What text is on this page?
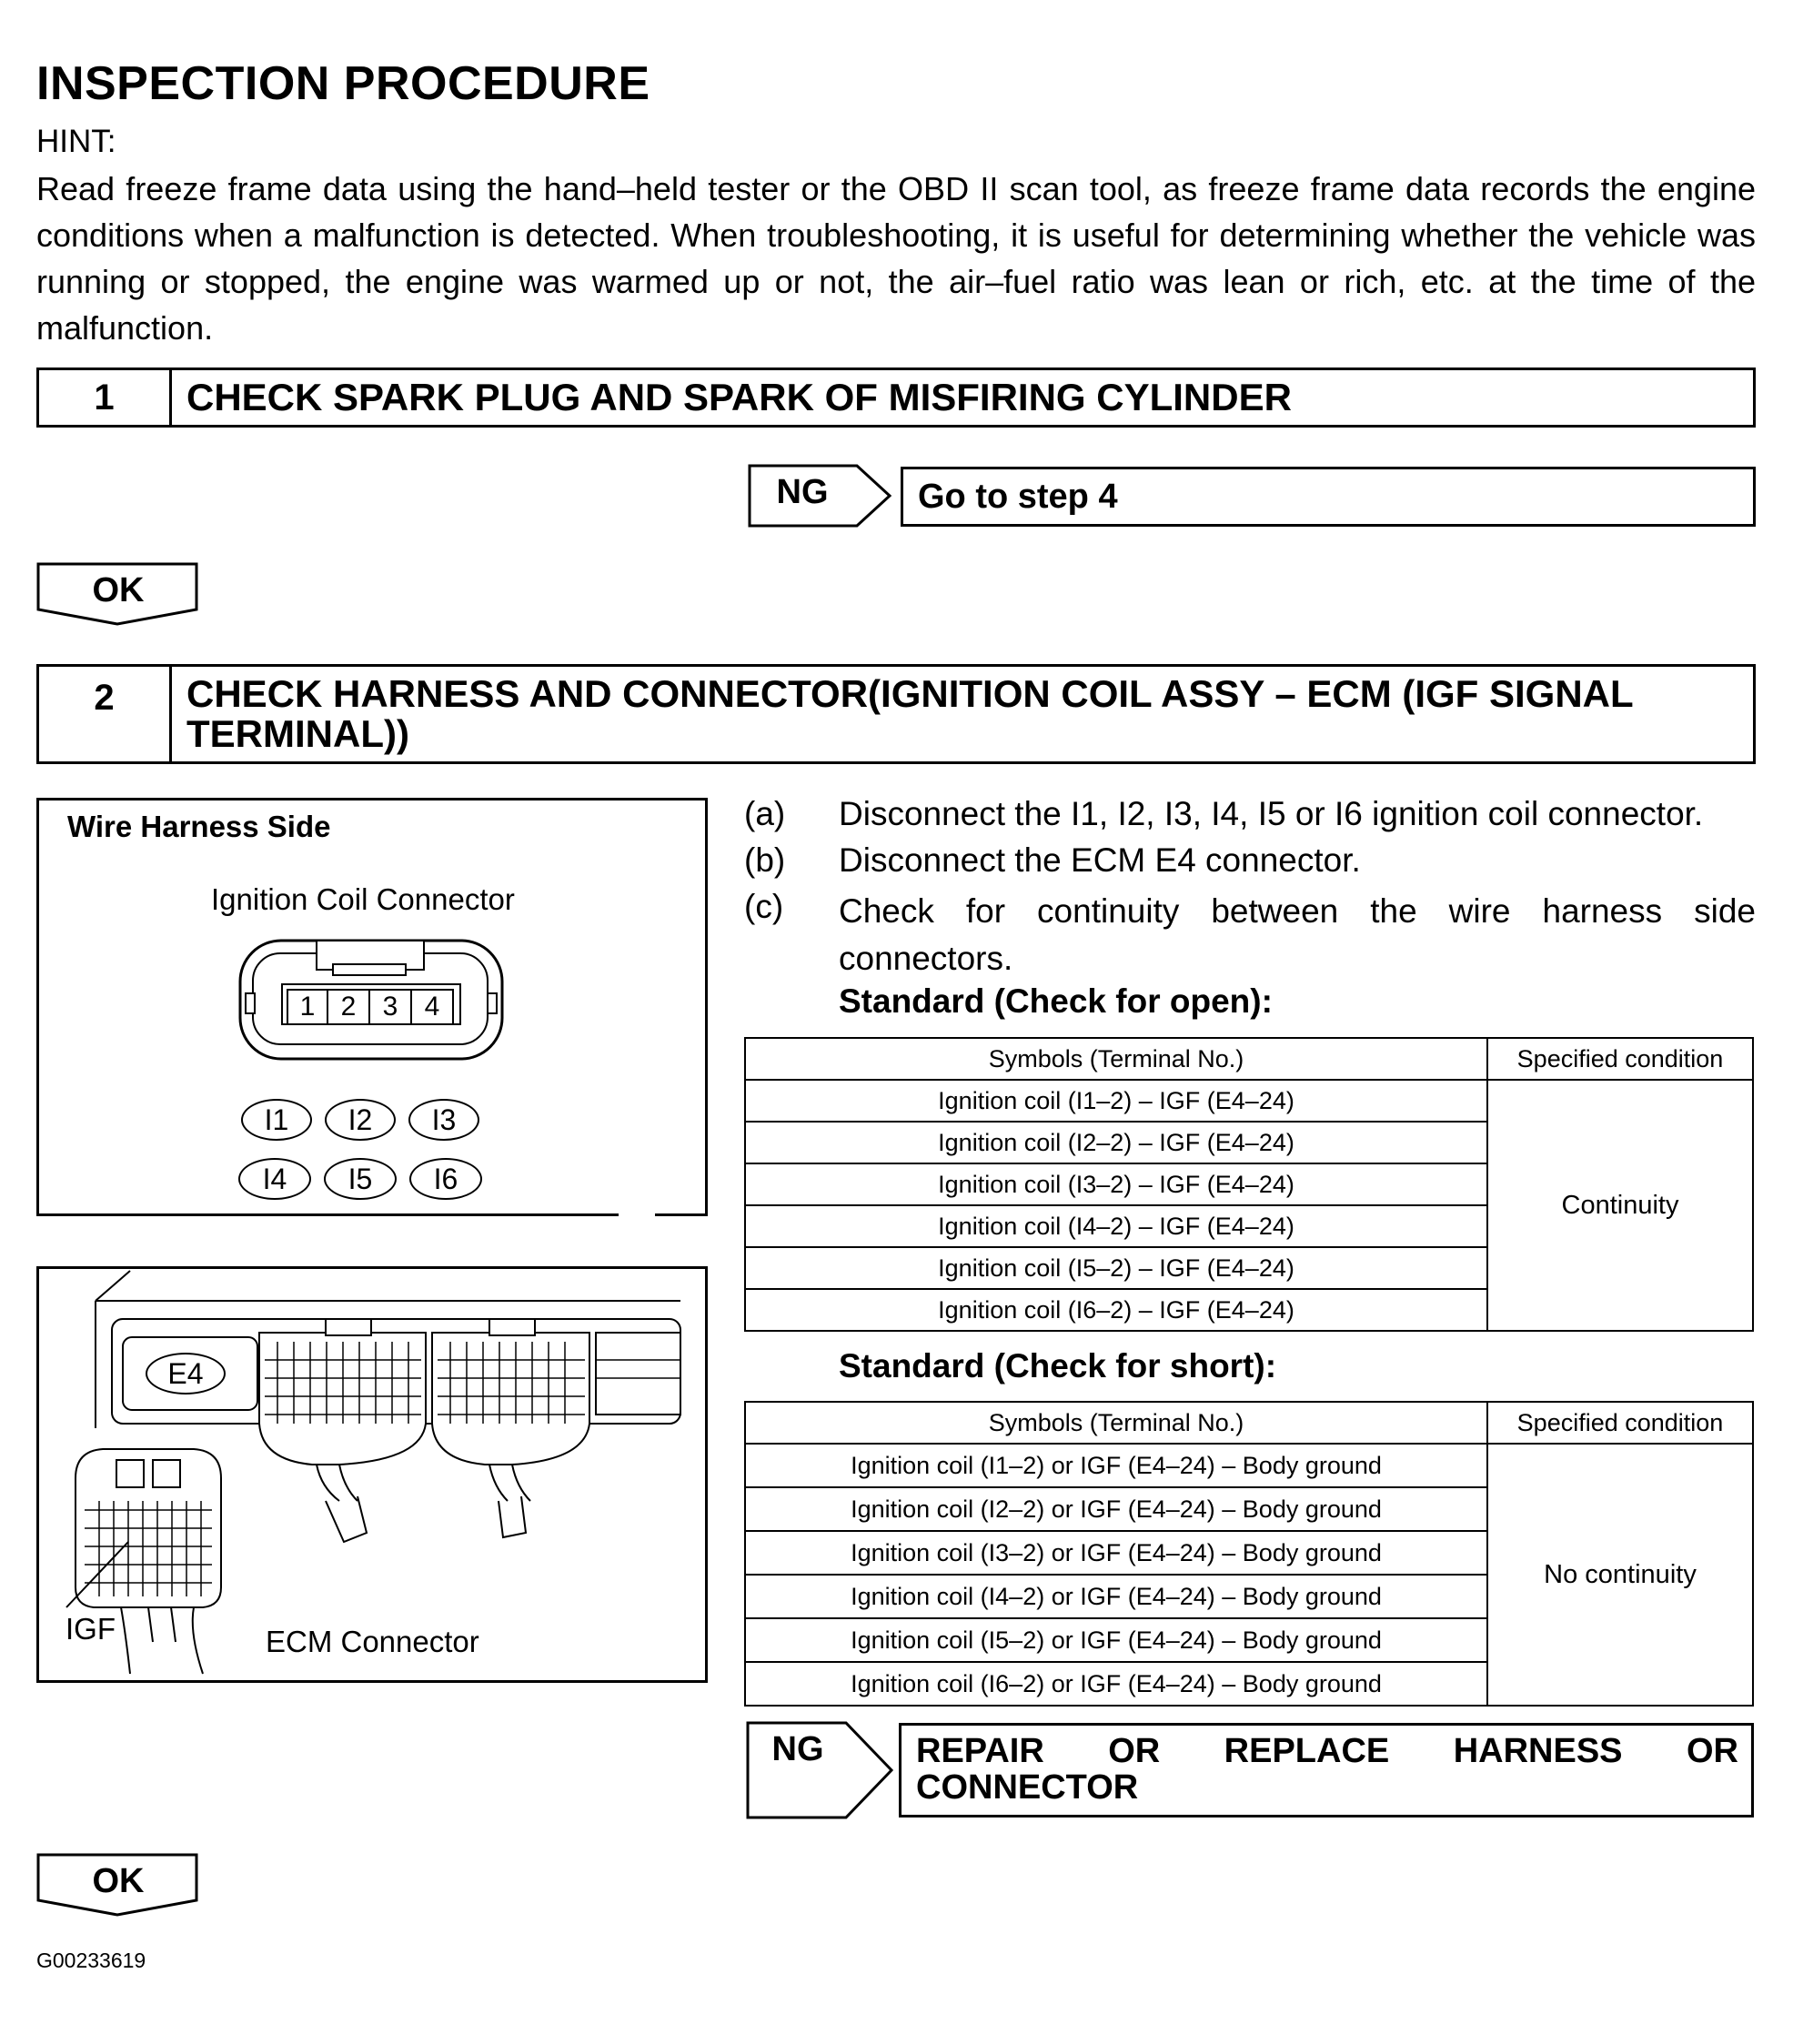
INSPECTION PROCEDURE
HINT:
Read freeze frame data using the hand–held tester or the OBD II scan tool, as freeze frame data records the engine conditions when a malfunction is detected. When troubleshooting, it is useful for determining whether the vehicle was running or stopped, the engine was warmed up or not, the air–fuel ratio was lean or rich, etc. at the time of the malfunction.
1	CHECK SPARK PLUG AND SPARK OF MISFIRING CYLINDER
NG	Go to step 4
OK
2	CHECK HARNESS AND CONNECTOR(IGNITION COIL ASSY – ECM (IGF SIGNAL TERMINAL))
Wire Harness Side
Ignition Coil Connector
1 2 3 4
I1	I2	I3
I4	I5	I6
E4
IGF	ECM Connector
(a) Disconnect the I1, I2, I3, I4, I5 or I6 ignition coil connector.
(b) Disconnect the ECM E4 connector.
(c) Check for continuity between the wire harness side connectors.
Standard (Check for open):
Symbols (Terminal No.)	Specified condition
Ignition coil (I1–2) – IGF (E4–24)	Continuity
Ignition coil (I2–2) – IGF (E4–24)	
Ignition coil (I3–2) – IGF (E4–24)	
Ignition coil (I4–2) – IGF (E4–24)	
Ignition coil (I5–2) – IGF (E4–24)	
Ignition coil (I6–2) – IGF (E4–24)	
Standard (Check for short):
Symbols (Terminal No.)	Specified condition
Ignition coil (I1–2) or IGF (E4–24) – Body ground	No continuity
Ignition coil (I2–2) or IGF (E4–24) – Body ground	
Ignition coil (I3–2) or IGF (E4–24) – Body ground	
Ignition coil (I4–2) or IGF (E4–24) – Body ground	
Ignition coil (I5–2) or IGF (E4–24) – Body ground	
Ignition coil (I6–2) or IGF (E4–24) – Body ground	
NG	REPAIR OR REPLACE HARNESS OR
CONNECTOR
OK
G00233619
